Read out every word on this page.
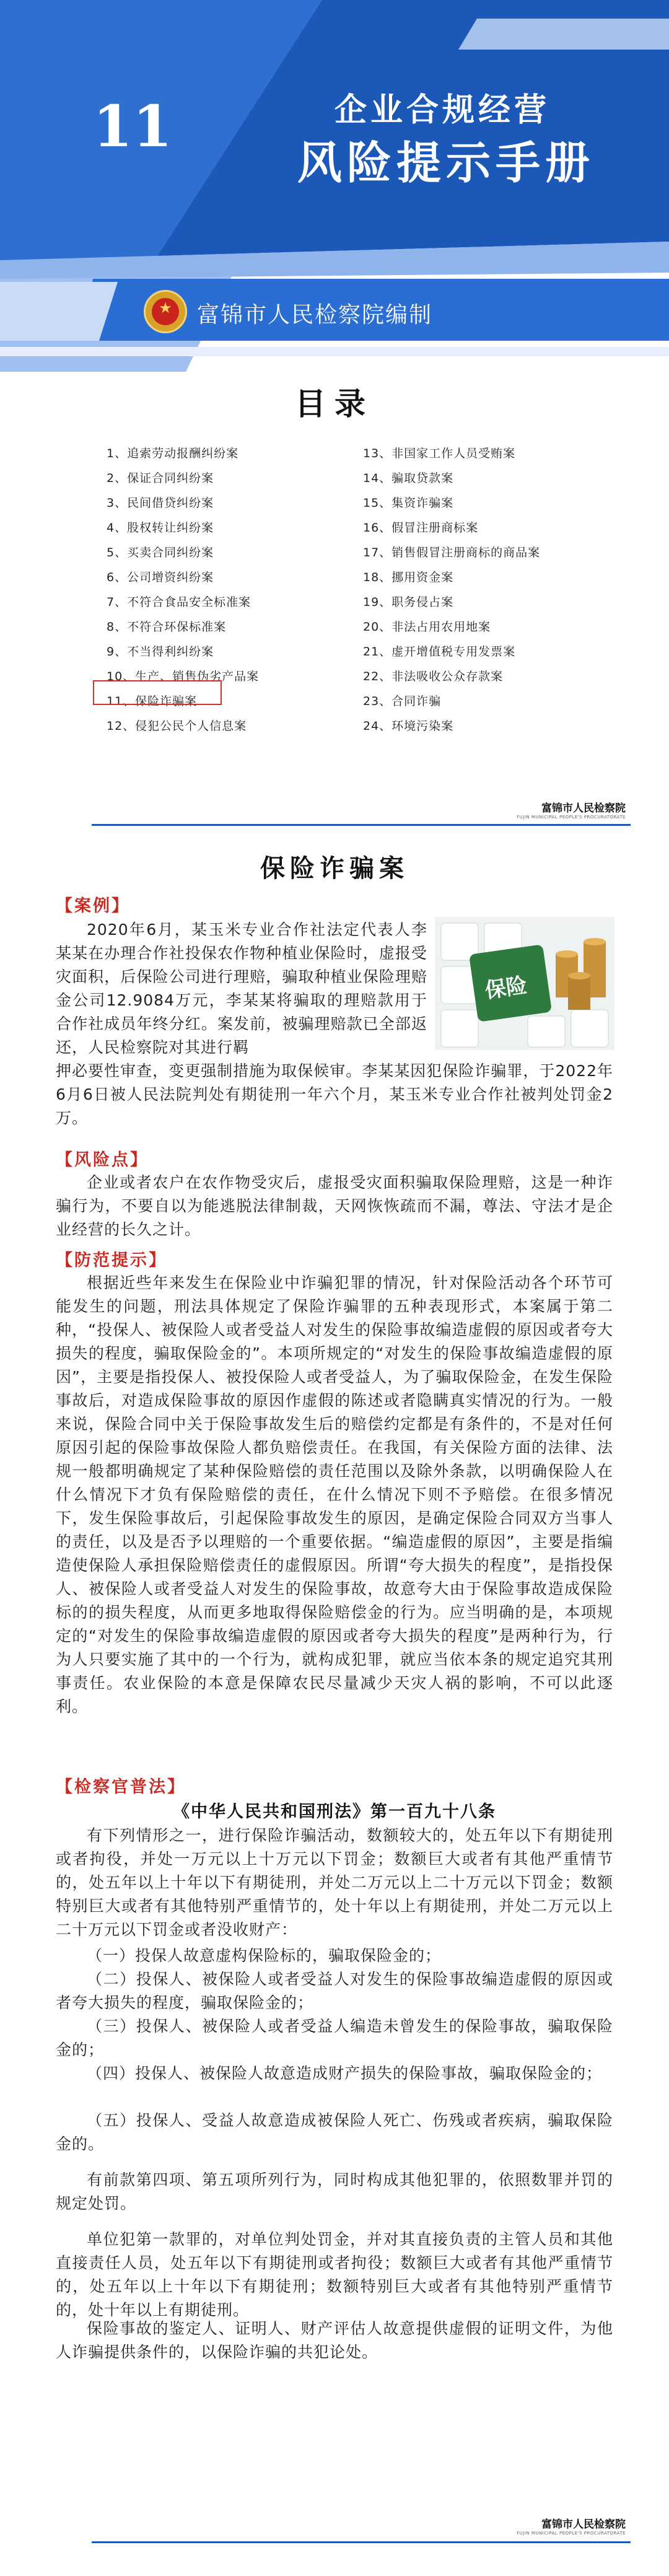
11	企业合规经营
风险提示手册
★	富锦市人民检察院编制
目录
1、追索劳动报酬纠纷案
2、保证合同纠纷案
3、民间借贷纠纷案
4、股权转让纠纷案
5、买卖合同纠纷案
6、公司增资纠纷案
7、不符合食品安全标准案
8、不符合环保标准案
9、不当得利纠纷案
10、生产、销售伪劣产品案
11、保险诈骗案
12、侵犯公民个人信息案
13、非国家工作人员受贿案
14、骗取贷款案
15、集资诈骗案
16、假冒注册商标案
17、销售假冒注册商标的商品案
18、挪用资金案
19、职务侵占案
20、非法占用农用地案
21、虚开增值税专用发票案
22、非法吸收公众存款案
23、合同诈骗
24、环境污染案
富锦市人民检察院
FUJIN MUNICIPAL PEOPLE'S PROCURATORATE
保险诈骗案
【案例】
保险
2020年6月，某玉米专业合作社法定代表人李某某在办理合作社投保农作物种植业保险时，虚报受灾面积，后保险公司进行理赔，骗取种植业保险理赔金公司12.9084万元，李某某将骗取的理赔款用于合作社成员年终分红。案发前，被骗理赔款已全部返还，人民检察院对其进行羁
押必要性审查，变更强制措施为取保候审。李某某因犯保险诈骗罪，于2022年6月6日被人民法院判处有期徒刑一年六个月，某玉米专业合作社被判处罚金2万。
【风险点】
企业或者农户在农作物受灾后，虚报受灾面积骗取保险理赔，这是一种诈骗行为，不要自以为能逃脱法律制裁，天网恢恢疏而不漏，尊法、守法才是企业经营的长久之计。
【防范提示】
根据近些年来发生在保险业中诈骗犯罪的情况，针对保险活动各个环节可能发生的问题，刑法具体规定了保险诈骗罪的五种表现形式，本案属于第二种，“投保人、被保险人或者受益人对发生的保险事故编造虚假的原因或者夸大损失的程度，骗取保险金的”。本项所规定的“对发生的保险事故编造虚假的原因”，主要是指投保人、被投保险人或者受益人，为了骗取保险金，在发生保险事故后，对造成保险事故的原因作虚假的陈述或者隐瞒真实情况的行为。一般来说，保险合同中关于保险事故发生后的赔偿约定都是有条件的，不是对任何原因引起的保险事故保险人都负赔偿责任。在我国，有关保险方面的法律、法规一般都明确规定了某种保险赔偿的责任范围以及除外条款，以明确保险人在什么情况下才负有保险赔偿的责任，在什么情况下则不予赔偿。在很多情况下，发生保险事故后，引起保险事故发生的原因，是确定保险合同双方当事人的责任，以及是否予以理赔的一个重要依据。“编造虚假的原因”，主要是指编造使保险人承担保险赔偿责任的虚假原因。所谓“夸大损失的程度”，是指投保人、被保险人或者受益人对发生的保险事故，故意夸大由于保险事故造成保险标的的损失程度，从而更多地取得保险赔偿金的行为。应当明确的是，本项规定的“对发生的保险事故编造虚假的原因或者夸大损失的程度”是两种行为，行为人只要实施了其中的一个行为，就构成犯罪，就应当依本条的规定追究其刑事责任。农业保险的本意是保障农民尽量减少天灾人祸的影响，不可以此逐利。
【检察官普法】
《中华人民共和国刑法》第一百九十八条
有下列情形之一，进行保险诈骗活动，数额较大的，处五年以下有期徒刑或者拘役，并处一万元以上十万元以下罚金；数额巨大或者有其他严重情节的，处五年以上十年以下有期徒刑，并处二万元以上二十万元以下罚金；数额特别巨大或者有其他特别严重情节的，处十年以上有期徒刑，并处二万元以上二十万元以下罚金或者没收财产：
（一）投保人故意虚构保险标的，骗取保险金的；
（二）投保人、被保险人或者受益人对发生的保险事故编造虚假的原因或者夸大损失的程度，骗取保险金的；
（三）投保人、被保险人或者受益人编造未曾发生的保险事故，骗取保险金的；
（四）投保人、被保险人故意造成财产损失的保险事故，骗取保险金的；
（五）投保人、受益人故意造成被保险人死亡、伤残或者疾病，骗取保险金的。
有前款第四项、第五项所列行为，同时构成其他犯罪的，依照数罪并罚的规定处罚。
单位犯第一款罪的，对单位判处罚金，并对其直接负责的主管人员和其他直接责任人员，处五年以下有期徒刑或者拘役；数额巨大或者有其他严重情节的，处五年以上十年以下有期徒刑；数额特别巨大或者有其他特别严重情节的，处十年以上有期徒刑。
保险事故的鉴定人、证明人、财产评估人故意提供虚假的证明文件，为他人诈骗提供条件的，以保险诈骗的共犯论处。
富锦市人民检察院
FUJIN MUNICIPAL PEOPLE'S PROCURATORATE
